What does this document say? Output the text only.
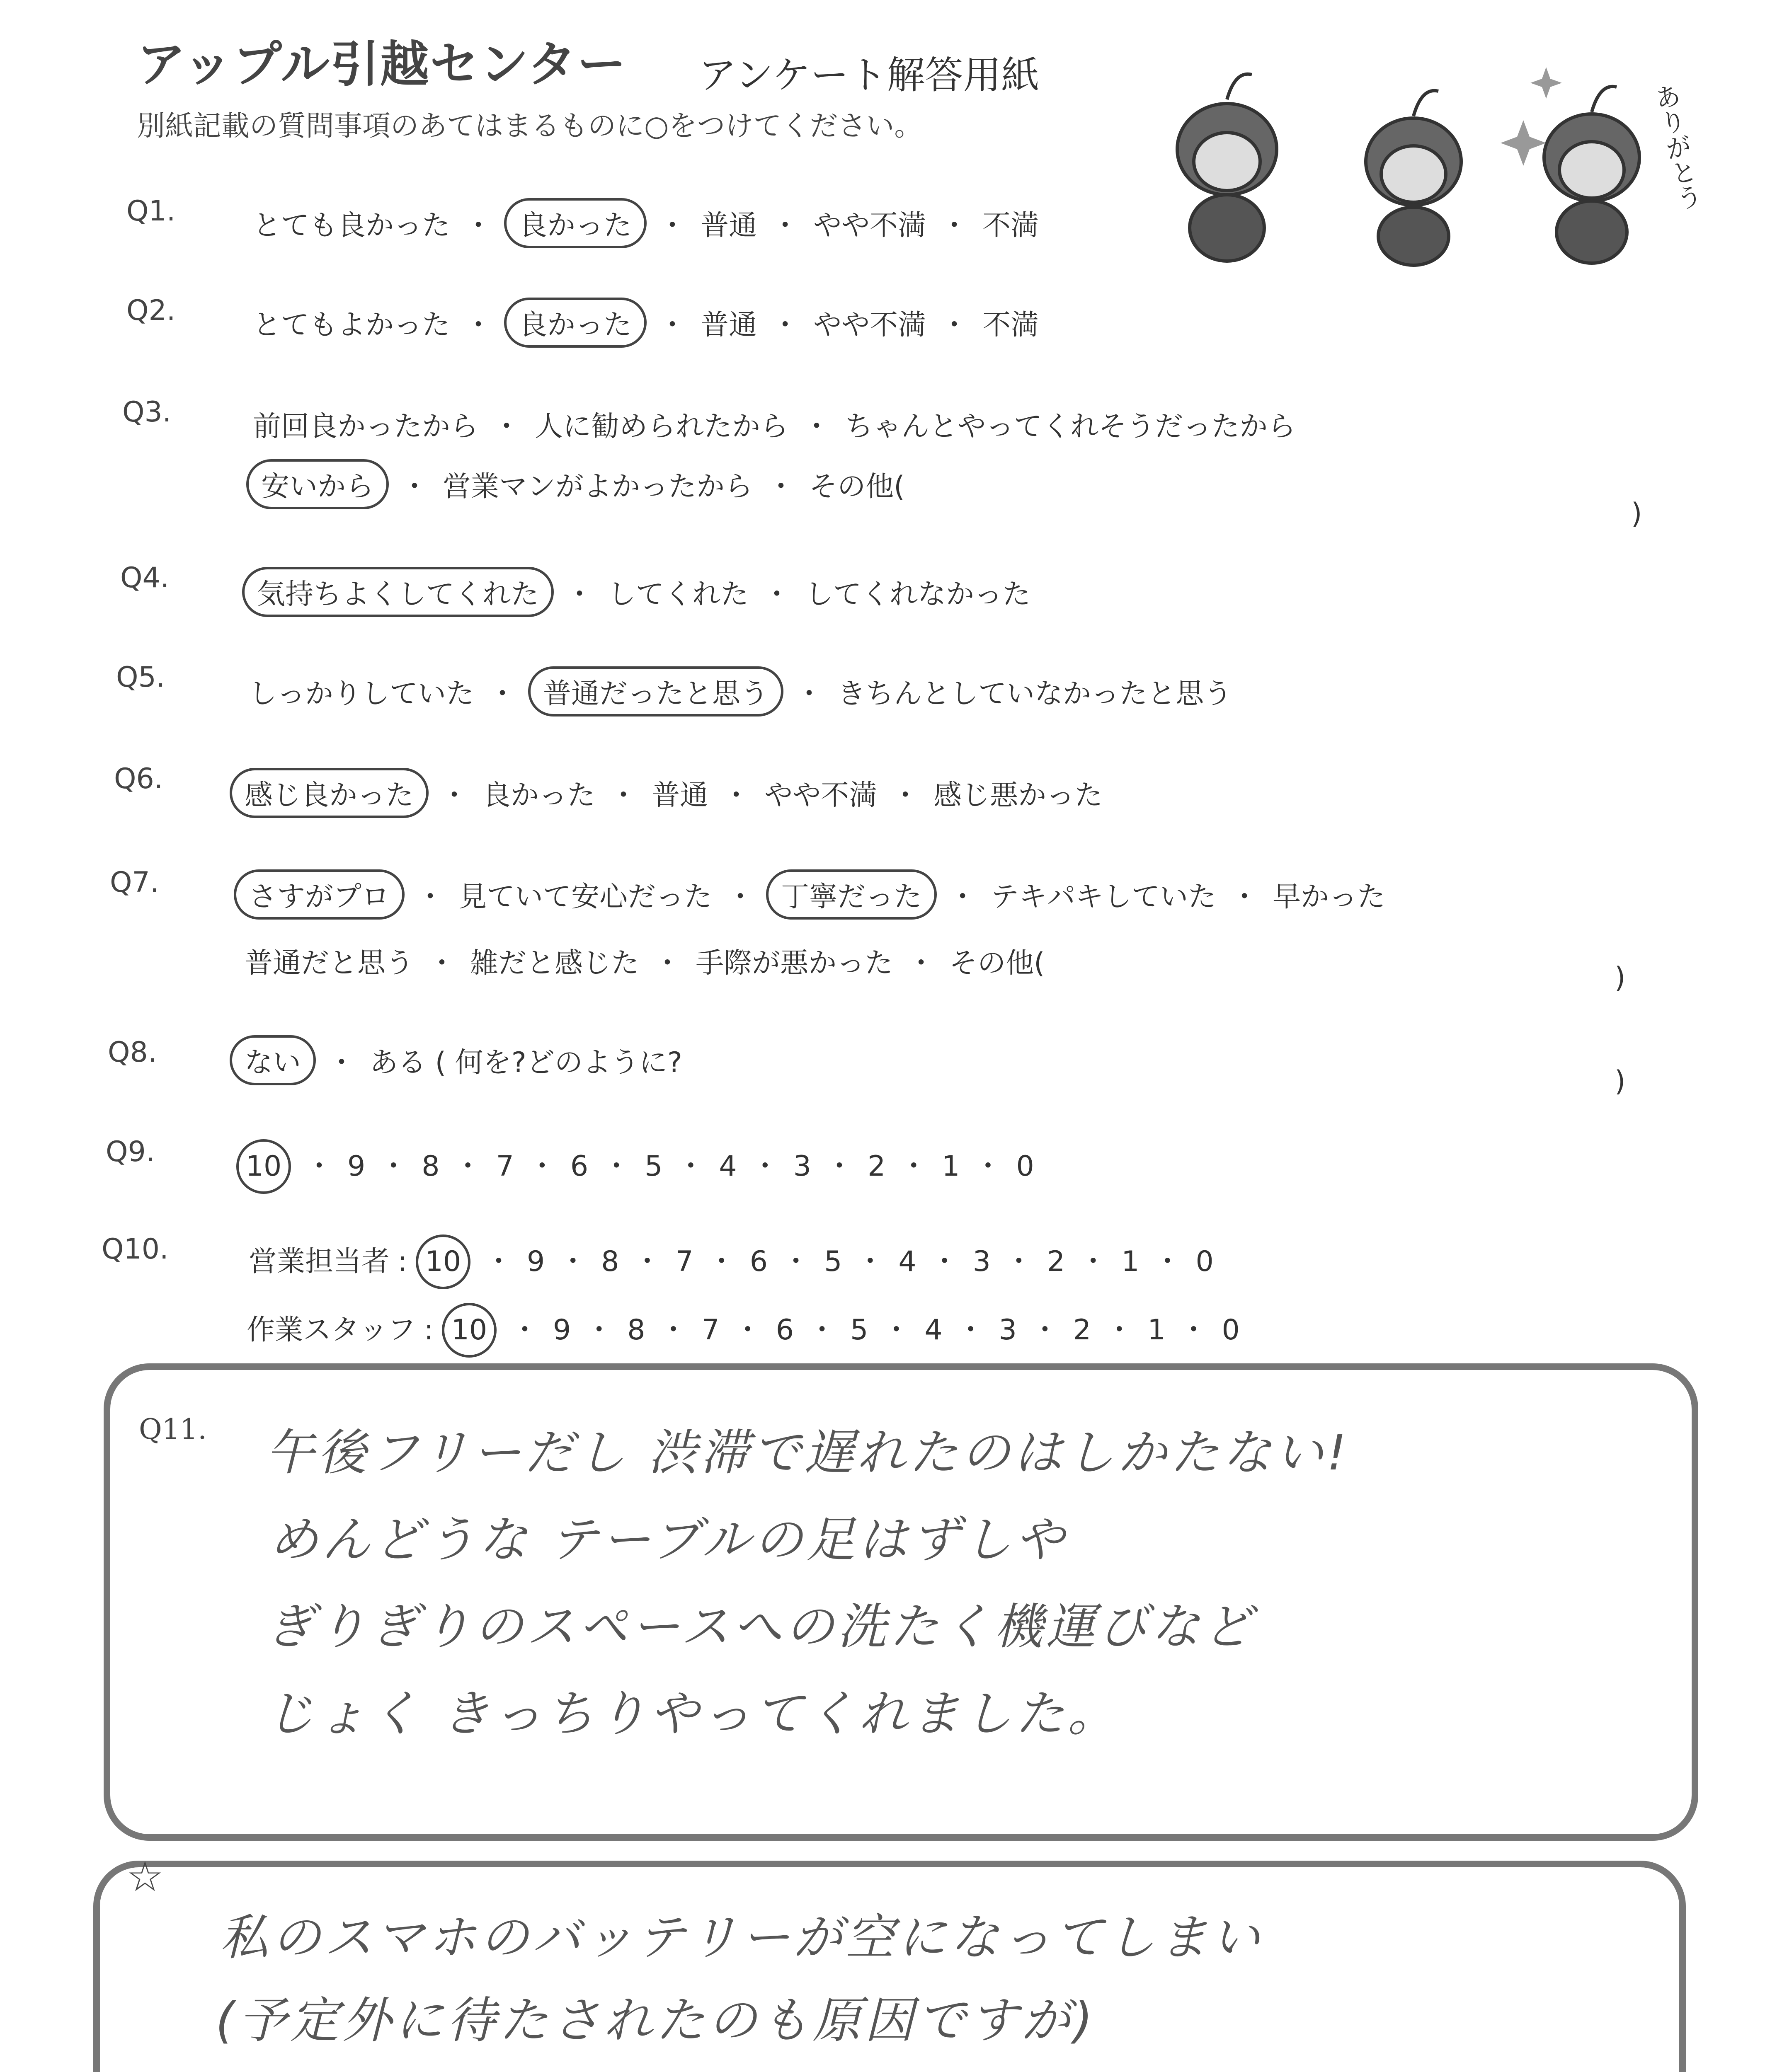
アップル引越センター アンケート解答用紙
別紙記載の質問事項のあてはまるものに○をつけてください。	ありがとう
Q1.	とても良かった ・ 良かった ・ 普通 ・ やや不満 ・ 不満
Q2.	とてもよかった ・ 良かった ・ 普通 ・ やや不満 ・ 不満
Q3.	前回良かったから ・ 人に勧められたから ・ ちゃんとやってくれそうだったから
安いから ・ 営業マンがよかったから ・ その他(
)
Q4.
気持ちよくしてくれた ・ してくれた ・ してくれなかった
Q5.
しっかりしていた ・ 普通だったと思う ・ きちんとしていなかったと思う
Q6.
感じ良かった ・ 良かった ・ 普通 ・ やや不満 ・ 感じ悪かった
Q7.	さすがプロ ・ 見ていて安心だった ・ 丁寧だった ・ テキパキしていた ・ 早かった
普通だと思う ・ 雑だと感じた ・ 手際が悪かった ・ その他(	)
Q8.	ない ・ ある ( 何を?どのように?
)
Q9.	10 ・ 9 ・ 8 ・ 7 ・ 6 ・ 5 ・ 4 ・ 3 ・ 2 ・ 1 ・ 0
Q10.	営業担当者 : 10 ・ 9 ・ 8 ・ 7 ・ 6 ・ 5 ・ 4 ・ 3 ・ 2 ・ 1 ・ 0
作業スタッフ : 10 ・ 9 ・ 8 ・ 7 ・ 6 ・ 5 ・ 4 ・ 3 ・ 2 ・ 1 ・ 0
Q11. 午後フリーだし 渋滞で遅れたのはしかたない!
めんどうな テーブルの足はずしや
ぎりぎりのスペースへの洗たく機運びなど
じょく きっちりやってくれました。
☆
私のスマホのバッテリーが空になってしまい
(予定外に待たされたのも原因ですが)
